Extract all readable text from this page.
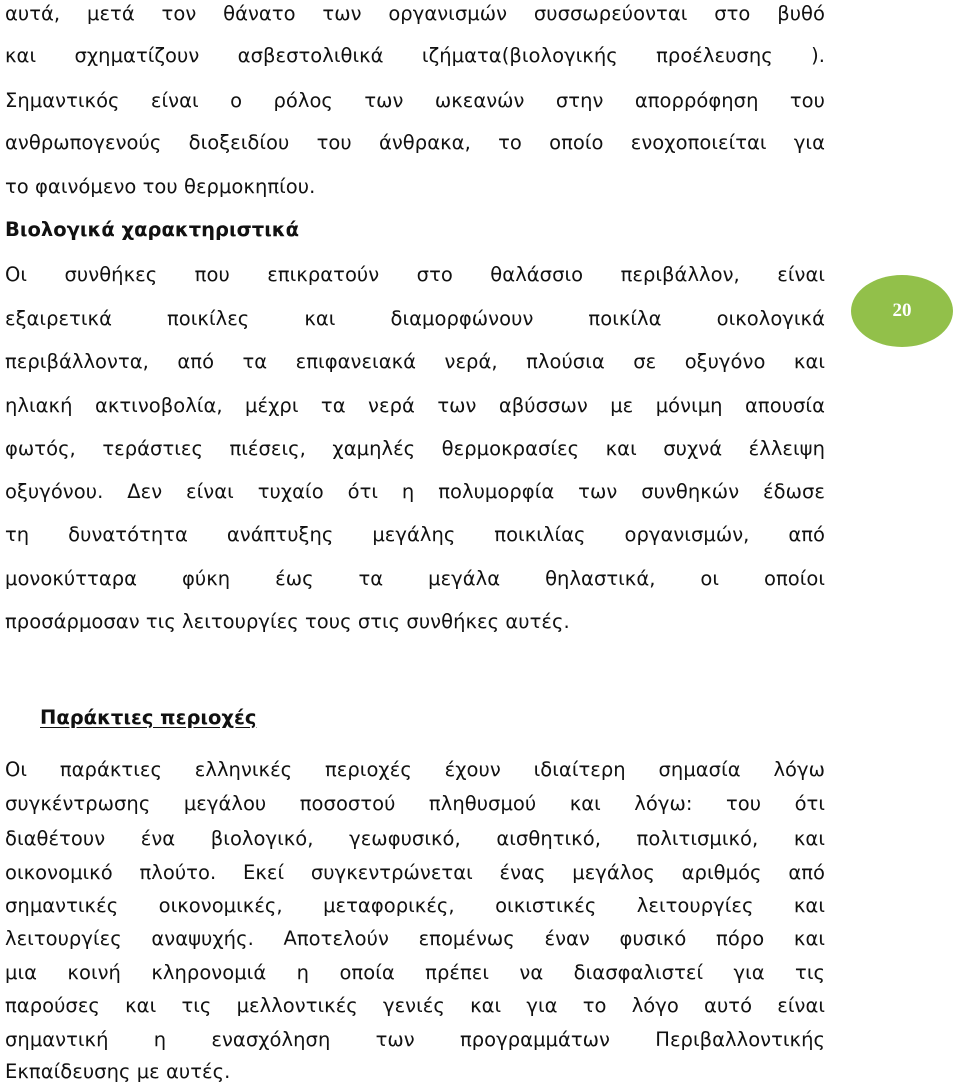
αυτά, μετά τον θάνατο των οργανισμών συσσωρεύονται στο βυθό
και σχηματίζουν ασβεστολιθικά ιζήματα(βιολογικής προέλευσης ).
Σημαντικός είναι ο ρόλος των ωκεανών στην απορρόφηση του
ανθρωπογενούς διοξειδίου του άνθρακα, το οποίο ενοχοποιείται για
το φαινόμενο του θερμοκηπίου.
Βιολογικά χαρακτηριστικά
Οι συνθήκες που επικρατούν στο θαλάσσιο περιβάλλον, είναι
εξαιρετικά ποικίλες και διαμορφώνουν ποικίλα οικολογικά
περιβάλλοντα, από τα επιφανειακά νερά, πλούσια σε οξυγόνο και
ηλιακή ακτινοβολία, μέχρι τα νερά των αβύσσων με μόνιμη απουσία
φωτός, τεράστιες πιέσεις, χαμηλές θερμοκρασίες και συχνά έλλειψη
οξυγόνου. Δεν είναι τυχαίο ότι η πολυμορφία των συνθηκών έδωσε
τη δυνατότητα ανάπτυξης μεγάλης ποικιλίας οργανισμών, από
μονοκύτταρα φύκη έως τα μεγάλα θηλαστικά, οι οποίοι
προσάρμοσαν τις λειτουργίες τους στις συνθήκες αυτές.
20
Παράκτιες περιοχές
Οι παράκτιες ελληνικές περιοχές έχουν ιδιαίτερη σημασία λόγω
συγκέντρωσης μεγάλου ποσοστού πληθυσμού και λόγω: του ότι
διαθέτουν ένα βιολογικό, γεωφυσικό, αισθητικό, πολιτισμικό, και
οικονομικό πλούτο. Εκεί συγκεντρώνεται ένας μεγάλος αριθμός από
σημαντικές οικονομικές, μεταφορικές, οικιστικές λειτουργίες και
λειτουργίες αναψυχής. Αποτελούν επομένως έναν φυσικό πόρο και
μια κοινή κληρονομιά η οποία πρέπει να διασφαλιστεί για τις
παρούσες και τις μελλοντικές γενιές και για το λόγο αυτό είναι
σημαντική η ενασχόληση των προγραμμάτων Περιβαλλοντικής
Εκπαίδευσης με αυτές.
